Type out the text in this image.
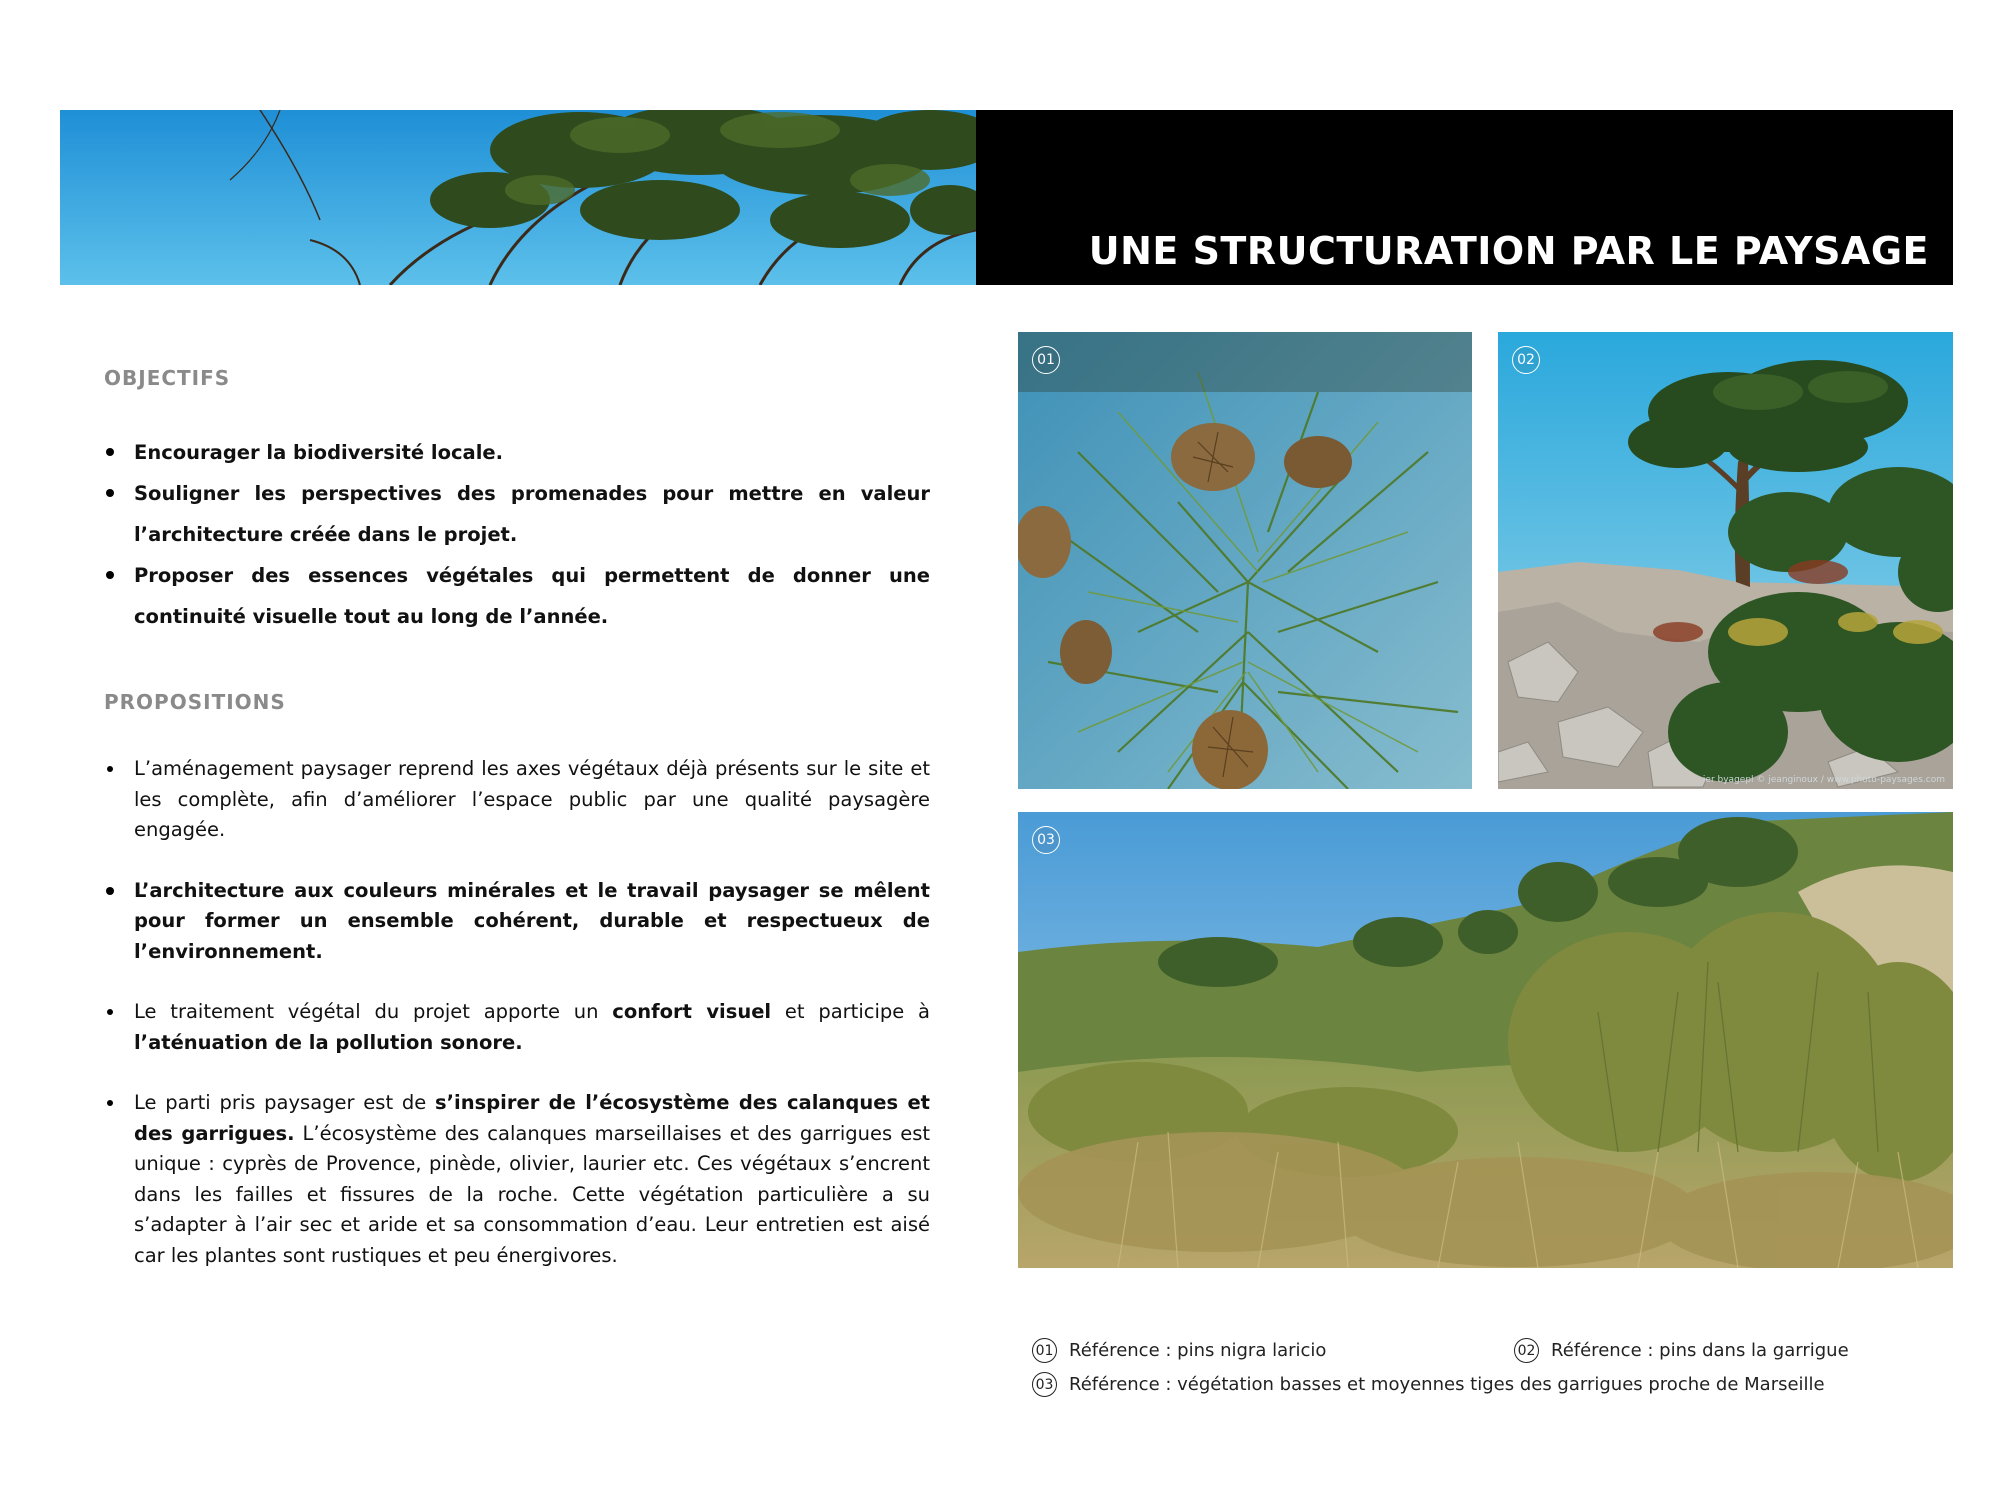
UNE STRUCTURATION PAR LE PAYSAGE
OBJECTIFS
Encourager la biodiversité locale.
Souligner les perspectives des promenades pour mettre en valeur l’architecture créée dans le projet.
Proposer des essences végétales qui permettent de donner une continuité visuelle tout au long de l’année.
PROPOSITIONS
L’aménagement paysager reprend les axes végétaux déjà présents sur le site et les complète, afin d’améliorer l’espace public par une qualité paysagère engagée.
L’architecture aux couleurs minérales et le travail paysager se mêlent pour former un ensemble cohérent, durable et respectueux de l’environnement.
Le traitement végétal du projet apporte un confort visuel et participe à l’aténuation de la pollution sonore.
Le parti pris paysager est de s’inspirer de l’écosystème des calanques et des garrigues. L’écosystème des calanques marseillaises et des garrigues est unique : cyprès de Provence, pinède, olivier, laurier etc. Ces végétaux s’encrent dans les failles et fissures de la roche. Cette végétation particulière a su s’adapter à l’air sec et aride et sa consommation d’eau. Leur entretien est aisé car les plantes sont rustiques et peu énergivores.
01	02
ier byagepl © jeanginoux / www.photo-paysages.com
03
01 Référence : pins nigra laricio	02 Référence : pins dans la garrigue
03 Référence : végétation basses et moyennes tiges des garrigues proche de Marseille
